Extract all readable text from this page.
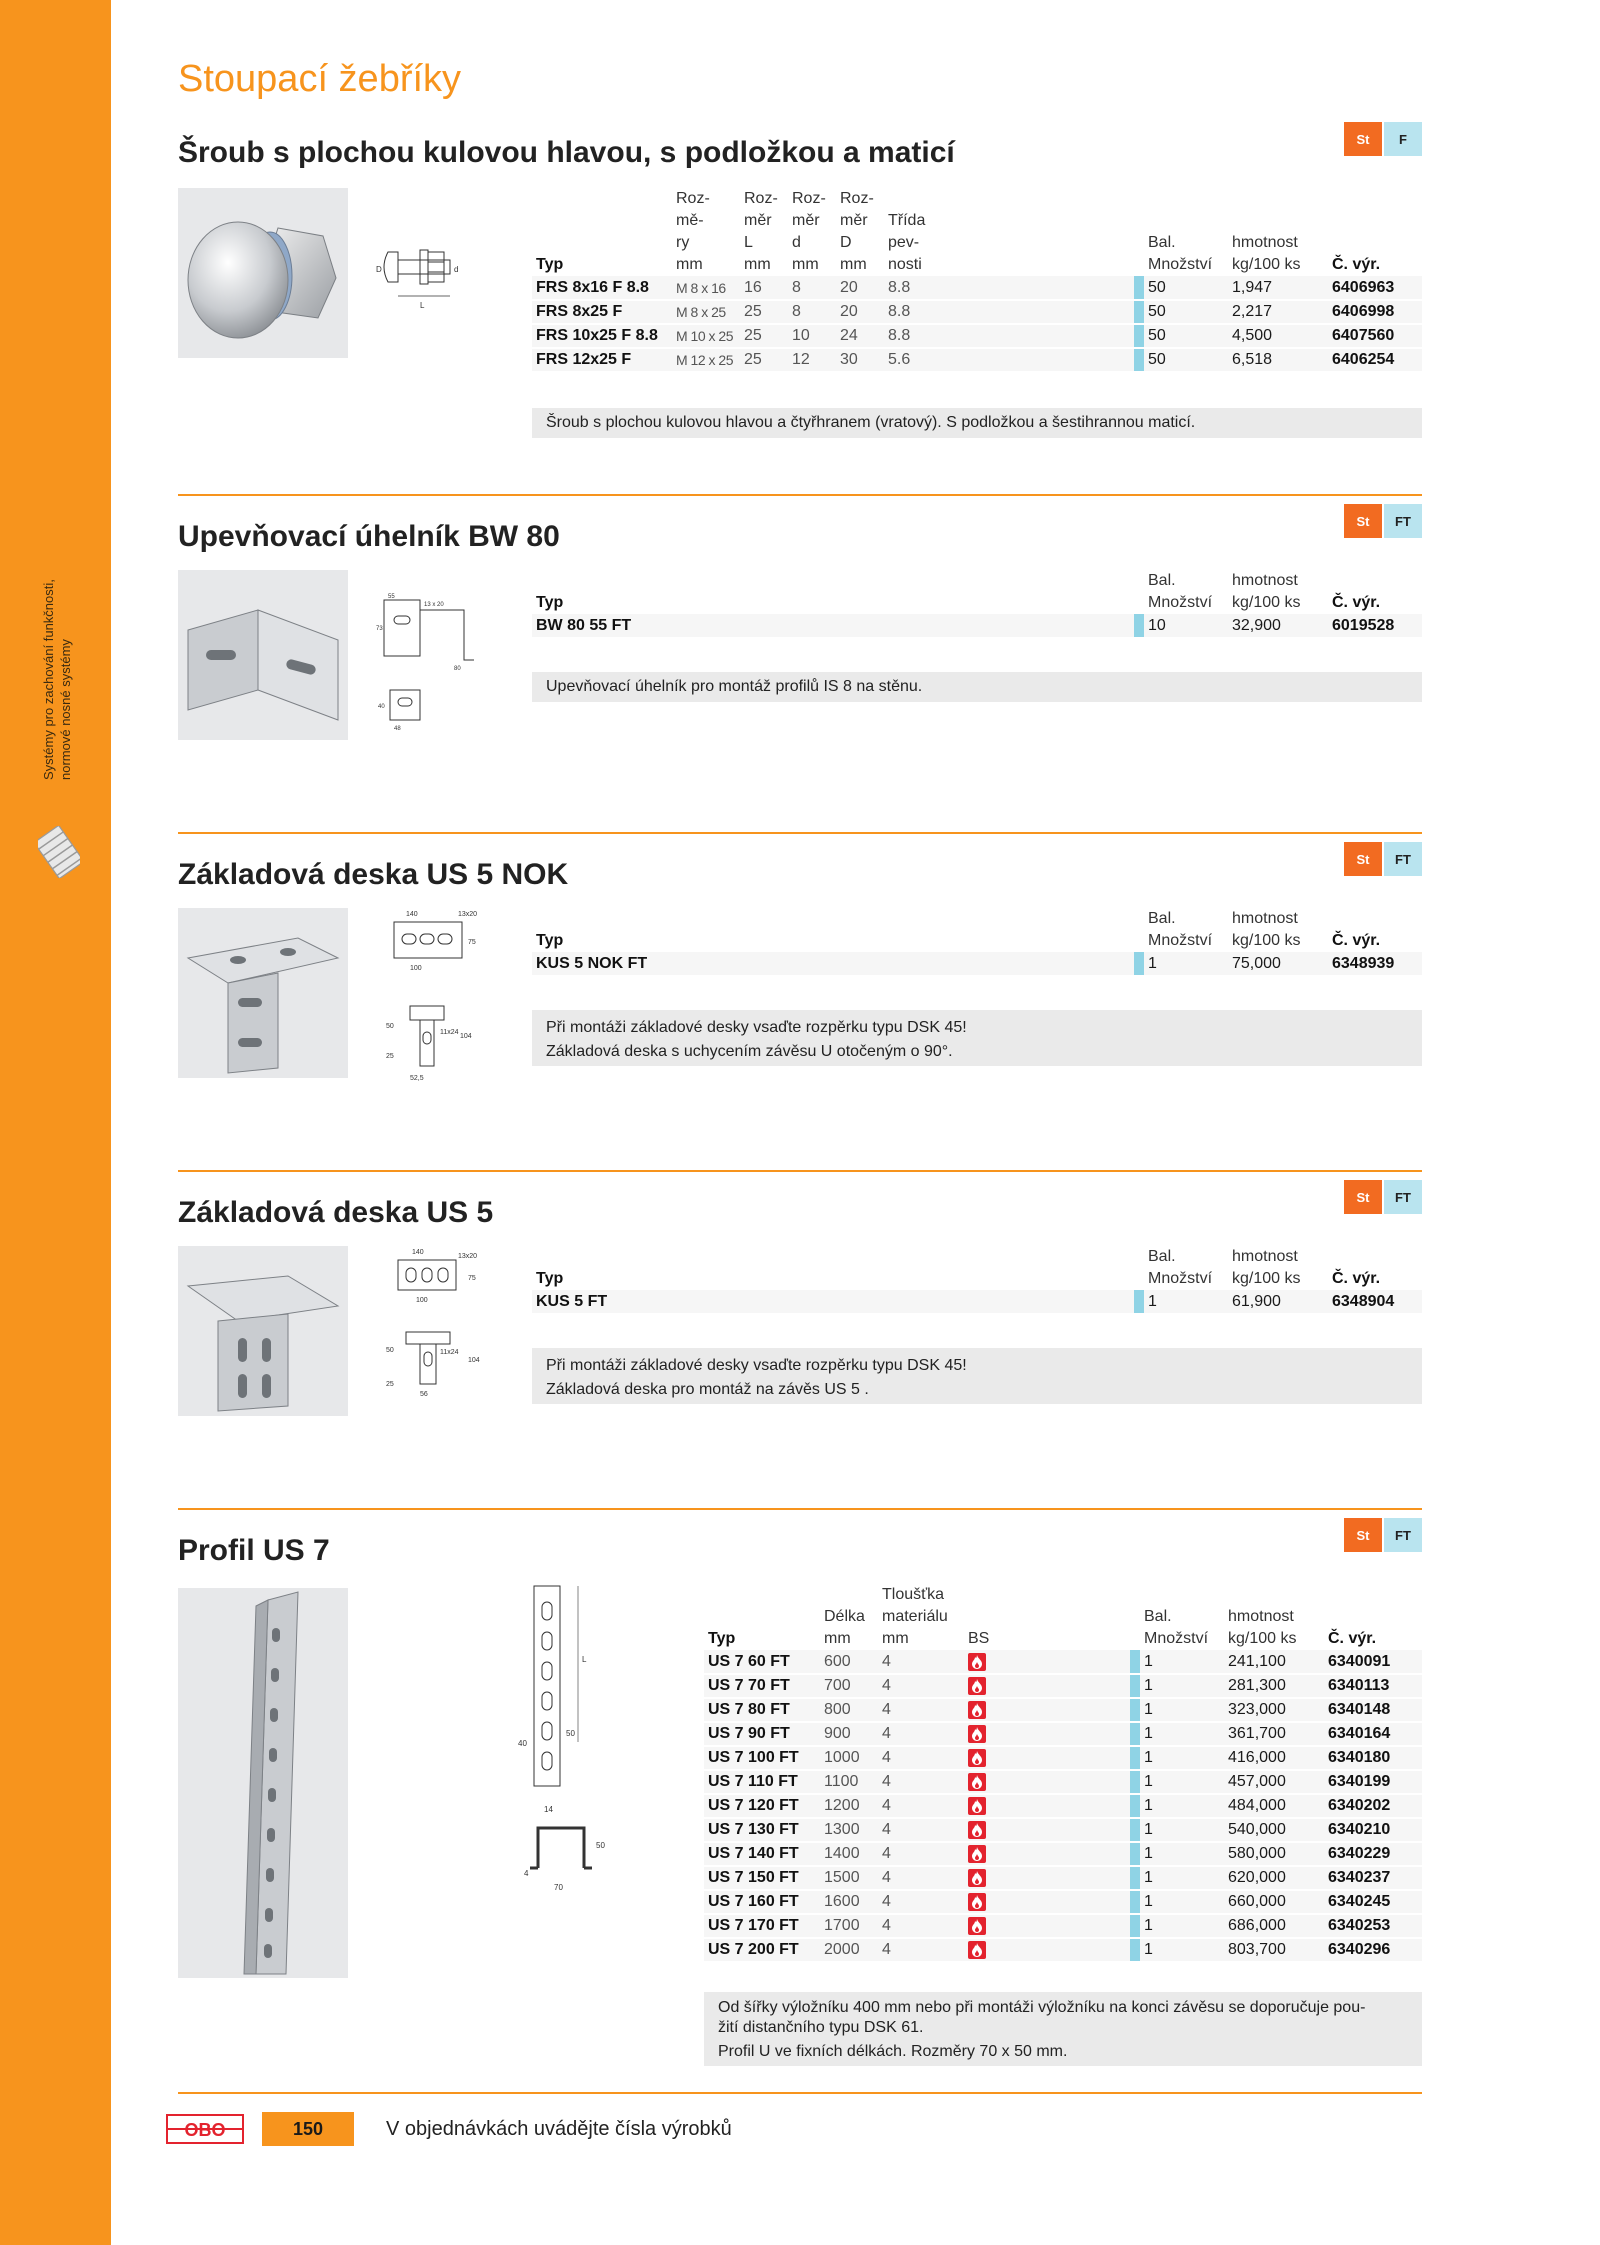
Systémy pro zachování funkčnosti, normové nosné systémy
Stoupací žebříky
Šroub s plochou kulovou hlavou, s podložkou a maticí	St	F
L
D	d	Typ	Roz-
mě-
ry
mm	Roz-
měr
L
mm	Roz-
měr
d
mm	Roz-
měr
D
mm	Třída
pev-
nosti			Bal.
Množství	hmotnost
kg/100 ks	Č. výr.
FRS 8x16 F 8.8	M 8 x 16	16	8	20	8.8			50	1,947	6406963
FRS 8x25 F	M 8 x 25	25	8	20	8.8			50	2,217	6406998
FRS 10x25 F 8.8	M 10 x 25	25	10	24	8.8			50	4,500	6407560
FRS 12x25 F	M 12 x 25	25	12	30	5.6			50	6,518	6406254
Šroub s plochou kulovou hlavou a čtyřhranem (vratový). S podložkou a šestihrannou maticí.
Upevňovací úhelník BW 80	St	FT
55
13 x 20
73
80
40
48
Typ			Bal.
Množství	hmotnost
kg/100 ks	Č. výr.
BW 80 55 FT			10	32,900	6019528
Upevňovací úhelník pro montáž profilů IS 8 na stěnu.
Základová deska US 5 NOK	St	FT
140	13x20
75
100
50
11x24
104
25
52,5
Typ			Bal.
Množství	hmotnost
kg/100 ks	Č. výr.
KUS 5 NOK FT			1	75,000	6348939
Při montáži základové desky vsaďte rozpěrku typu DSK 45!
Základová deska s uchycením závěsu U otočeným o 90°.
Základová deska US 5	St	FT
140
13x20
75
100
50	11x24
104
25
56
Typ			Bal.
Množství	hmotnost
kg/100 ks	Č. výr.
KUS 5 FT			1	61,900	6348904
Při montáži základové desky vsaďte rozpěrku typu DSK 45!
Základová deska pro montáž na závěs US 5 .
Profil US 7	St	FT
L
50
40
14
50
4
70
Typ	Délka
mm	Tloušťka
materiálu
mm	BS			Bal.
Množství	hmotnost
kg/100 ks	Č. výr.
US 7 60 FT	600	4				1	241,100	6340091
US 7 70 FT	700	4				1	281,300	6340113
US 7 80 FT	800	4				1	323,000	6340148
US 7 90 FT	900	4				1	361,700	6340164
US 7 100 FT	1000	4				1	416,000	6340180
US 7 110 FT	1100	4				1	457,000	6340199
US 7 120 FT	1200	4				1	484,000	6340202
US 7 130 FT	1300	4				1	540,000	6340210
US 7 140 FT	1400	4				1	580,000	6340229
US 7 150 FT	1500	4				1	620,000	6340237
US 7 160 FT	1600	4				1	660,000	6340245
US 7 170 FT	1700	4				1	686,000	6340253
US 7 200 FT	2000	4				1	803,700	6340296
Od šířky výložníku 400 mm nebo při montáži výložníku na konci závěsu se doporučuje pou-
žití distančního typu DSK 61.
Profil U ve fixních délkách. Rozměry 70 x 50 mm.
OBO	150	V objednávkách uvádějte čísla výrobků
